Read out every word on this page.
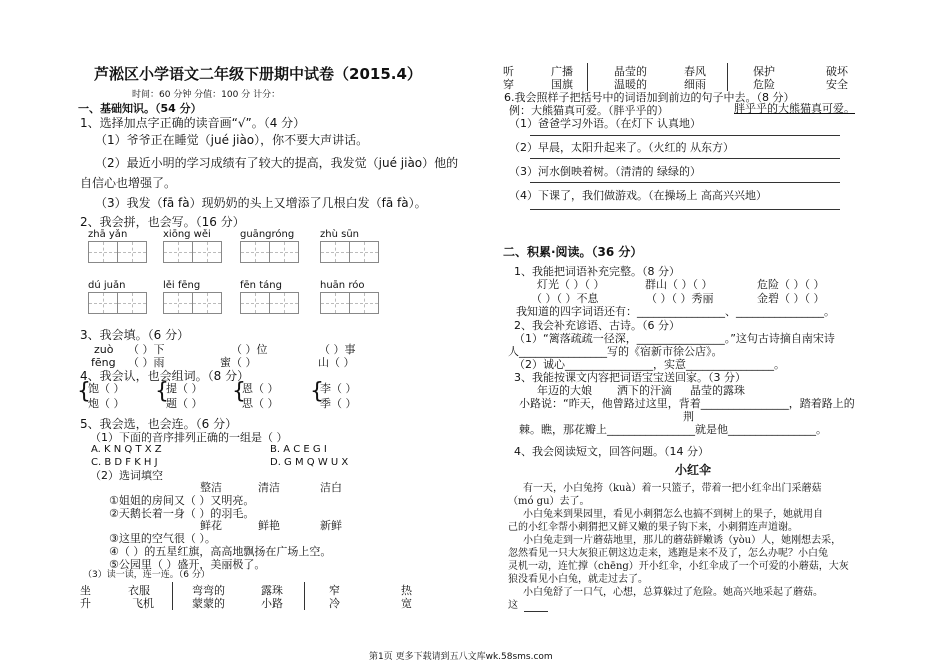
芦淞区小学语文二年级下册期中试卷（2015.4）
时间：60 分钟 分值：100 分 计分：
一、基础知识。（54 分）
1、选择加点字正确的读音画“√”。（4 分）
（1）爷爷正在睡觉（jué jiào），你不要大声讲话。
（2）最近小明的学习成绩有了较大的提高，我发觉（jué jiào）他的
自信心也增强了。
（3）我发（fā fà）现奶奶的头上又增添了几根白发（fā fà）。
2、我会拼，也会写。（16 分）
zhā yǎn	xiōng wěi	guāngróng	zhù sūn
dú juǎn	lěi fēng	fēn táng	huān róo
3、我会填。（6 分）
zuò （ ）下	（ ）位	（ ）事
fēng （ ）雨	蜜（ ）	山（ ）
4、我会认，也会组词。（8 分）
{
饱（ ）
炮（ ） {
提（ ）
题（ ） {
恩（ ）
思（ ） {
李（ ）
季（ ）
5、我会选，也会连。（6 分）
（1）下面的音序排列正确的一组是（ ）
A. K N Q T X Z	B. A C E G I
C. B D F K H J	D. G M Q W U X
（2）选词填空
整洁	清洁	洁白
①姐姐的房间又（ ）又明亮。
②天鹅长着一身（ ）的羽毛。
鲜花	鲜艳	新鲜
③这里的空气很（ ）。
④（ ）的五星红旗，高高地飘扬在广场上空。
⑤公园里（ ）盛开，美丽极了。
（3）读一读，连一连。（6 分）
坐	衣服	弯弯的	露珠	窄	热
升	飞机	蒙蒙的	小路	冷	宽
听	广播	晶莹的	春风	保护	破坏
穿	国旗	温暖的	细雨	危险	安全
6.我会照样子把括号中的词语加到前边的句子中去。（8 分）
例：大熊猫真可爱。（胖乎乎的）	胖乎乎的大熊猫真可爱。
（1）爸爸学习外语。（在灯下 认真地）
（2）早晨，太阳升起来了。（火红的 从东方）
（3）河水倒映着树。（清清的 绿绿的）
（4）下课了，我们做游戏。（在操场上 高高兴兴地）
二、积累·阅读。（36 分）
1、我能把词语补充完整。（8 分）
灯光（ ）（ ）	群山（ ）（ ）	危险（ ）（ ）
（ ）（ ）不息	（ ）（ ）秀丽	金碧（ ）（ ）
我知道的四字词语还有：________________、________________。
2、我会补充谚语、古诗。（6 分）
（1）“篱落疏疏一径深，________________。”这句古诗摘自南宋诗
人________________写的《宿新市徐公店》。
（2）诚心________________，实意________________。
3、我能按课文内容把词语宝宝送回家。（3 分）
年迈的大娘 洒下的汗滴 晶莹的露珠
小路说：“昨天，他曾路过这里，背着________________，踏着路上的
荆
棘。瞧，那花瓣上________________就是他________________。
4、我会阅读短文，回答问题。（14 分）
小红伞
有一天，小白兔挎（kuà）着一只篮子，带着一把小红伞出门采蘑菇
（mó gu）去了。
小白兔来到果园里，看见小刺猬怎么也搞不到树上的果子，她就用自
己的小红伞帮小刺猬把又鲜又嫩的果子钩下来，小刺猬连声道谢。
小白兔走到一片蘑菇地里，那儿的蘑菇鲜嫩诱（yòu）人，她刚想去采，
忽然看见一只大灰狼正朝这边走来，逃跑是来不及了，怎么办呢？小白兔
灵机一动，连忙撑（chēng）开小红伞，小红伞成了一个可爱的小蘑菇，大灰
狼没看见小白兔，就走过去了。
小白兔舒了一口气，心想，总算躲过了危险。她高兴地采起了蘑菇。
这
第1页 更多下载请到五八文库wk.58sms.com
